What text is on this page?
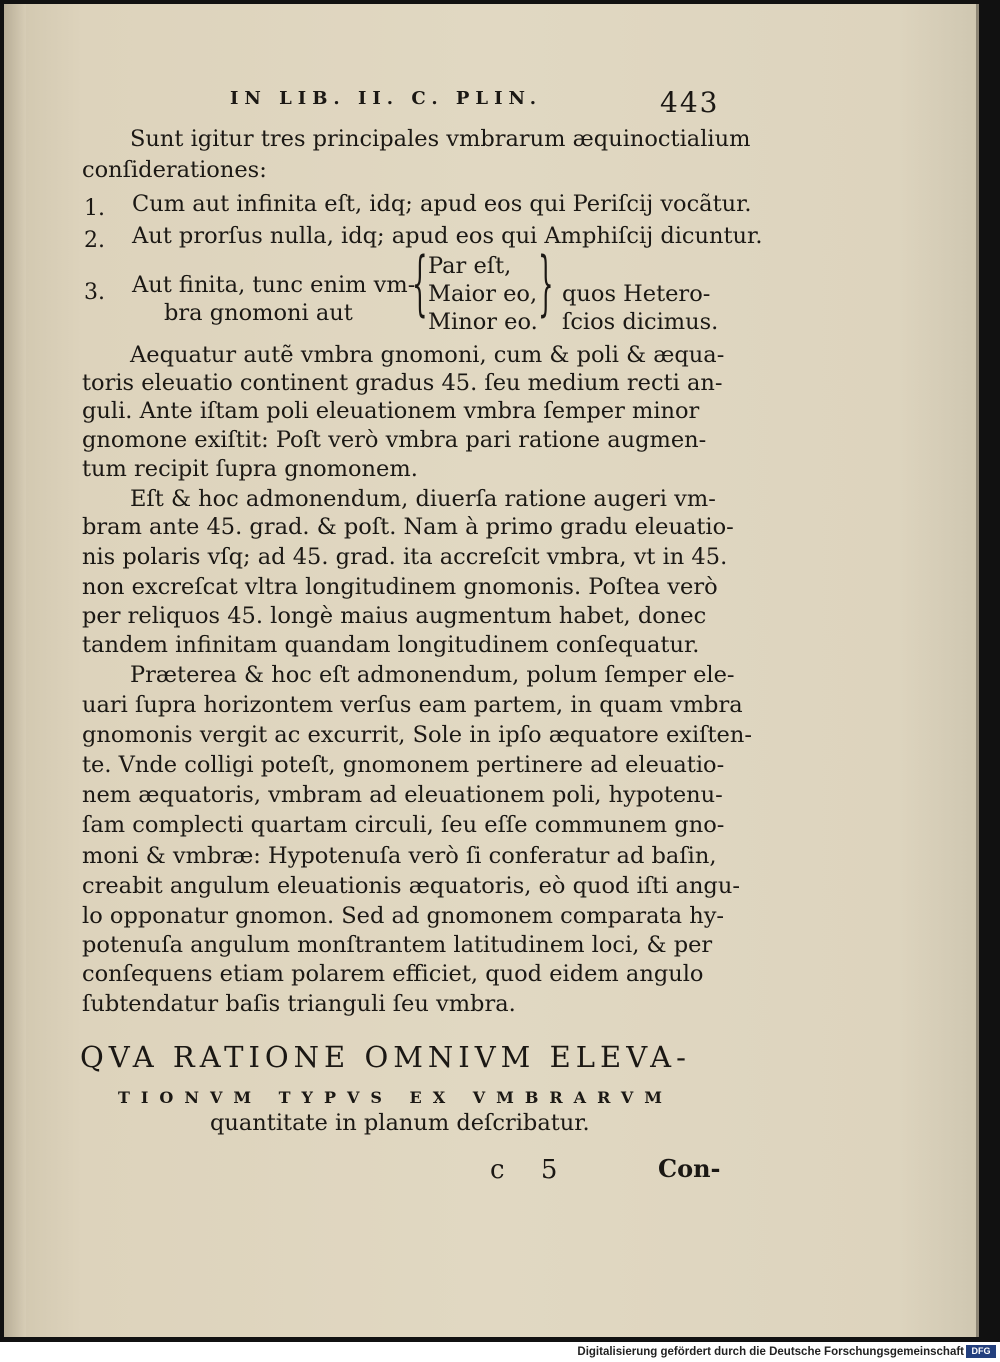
IN LIB. II. C. PLIN.	443
Sunt igitur tres principales vmbrarum æquinoctialium
conſiderationes:
1. Cum aut infinita eſt, idq; apud eos qui Periſcij vocãtur.
2. Aut prorſus nulla, idq; apud eos qui Amphiſcij dicuntur.
3. Aut finita, tunc enim vm-
bra gnomoni aut { Par eſt,
Maior eo,
Minor eo. } quos Hetero-
ſcios dicimus.
Aequatur autẽ vmbra gnomoni, cum & poli & æqua-
toris eleuatio continent gradus 45. ſeu medium recti an-
guli. Ante iſtam poli eleuationem vmbra ſemper minor
gnomone exiſtit: Poſt verò vmbra pari ratione augmen-
tum recipit ſupra gnomonem.
Eſt & hoc admonendum, diuerſa ratione augeri vm-
bram ante 45. grad. & poſt. Nam à primo gradu eleuatio-
nis polaris vſq; ad 45. grad. ita accreſcit vmbra, vt in 45.
non excreſcat vltra longitudinem gnomonis. Poſtea verò
per reliquos 45. longè maius augmentum habet, donec
tandem infinitam quandam longitudinem conſequatur.
Præterea & hoc eſt admonendum, polum ſemper ele-
uari ſupra horizontem verſus eam partem, in quam vmbra
gnomonis vergit ac excurrit, Sole in ipſo æquatore exiſten-
te. Vnde colligi poteſt, gnomonem pertinere ad eleuatio-
nem æquatoris, vmbram ad eleuationem poli, hypotenu-
ſam complecti quartam circuli, ſeu eſſe communem gno-
moni & vmbræ: Hypotenuſa verò ſi conferatur ad baſin,
creabit angulum eleuationis æquatoris, eò quod iſti angu-
lo opponatur gnomon. Sed ad gnomonem comparata hy-
potenuſa angulum monſtrantem latitudinem loci, & per
conſequens etiam polarem efficiet, quod eidem angulo
ſubtendatur baſis trianguli ſeu vmbra.
QVA RATIONE OMNIVM ELEVA-
TIONVM TYPVS EX VMBRARVM
quantitate in planum deſcribatur.
c 5	Con-
Digitalisierung gefördert durch die Deutsche Forschungsgemeinschaft DFG
